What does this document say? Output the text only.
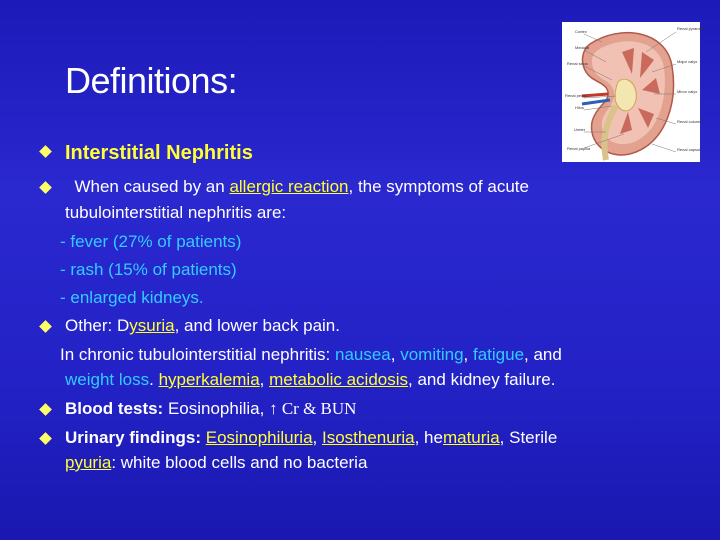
Definitions:
Cortex
Medulla
Renal sinus
Renal pelvis
Hilus
Ureter
Renal papilla
Renal pyramids
Major calyx
Minor calyx
Renal columns
Renal capsule
Interstitial Nephritis
When caused by an allergic reaction, the symptoms of acute
tubulointerstitial nephritis are:
- fever (27% of patients)
- rash (15% of patients)
- enlarged kidneys.
Other: Dysuria, and lower back pain.
In chronic tubulointerstitial nephritis: nausea, vomiting, fatigue, and
weight loss. hyperkalemia, metabolic acidosis, and kidney failure.
Blood tests: Eosinophilia, ↑ Cr & BUN
Urinary findings: Eosinophiluria, Isosthenuria, hematuria, Sterile
pyuria: white blood cells and no bacteria
